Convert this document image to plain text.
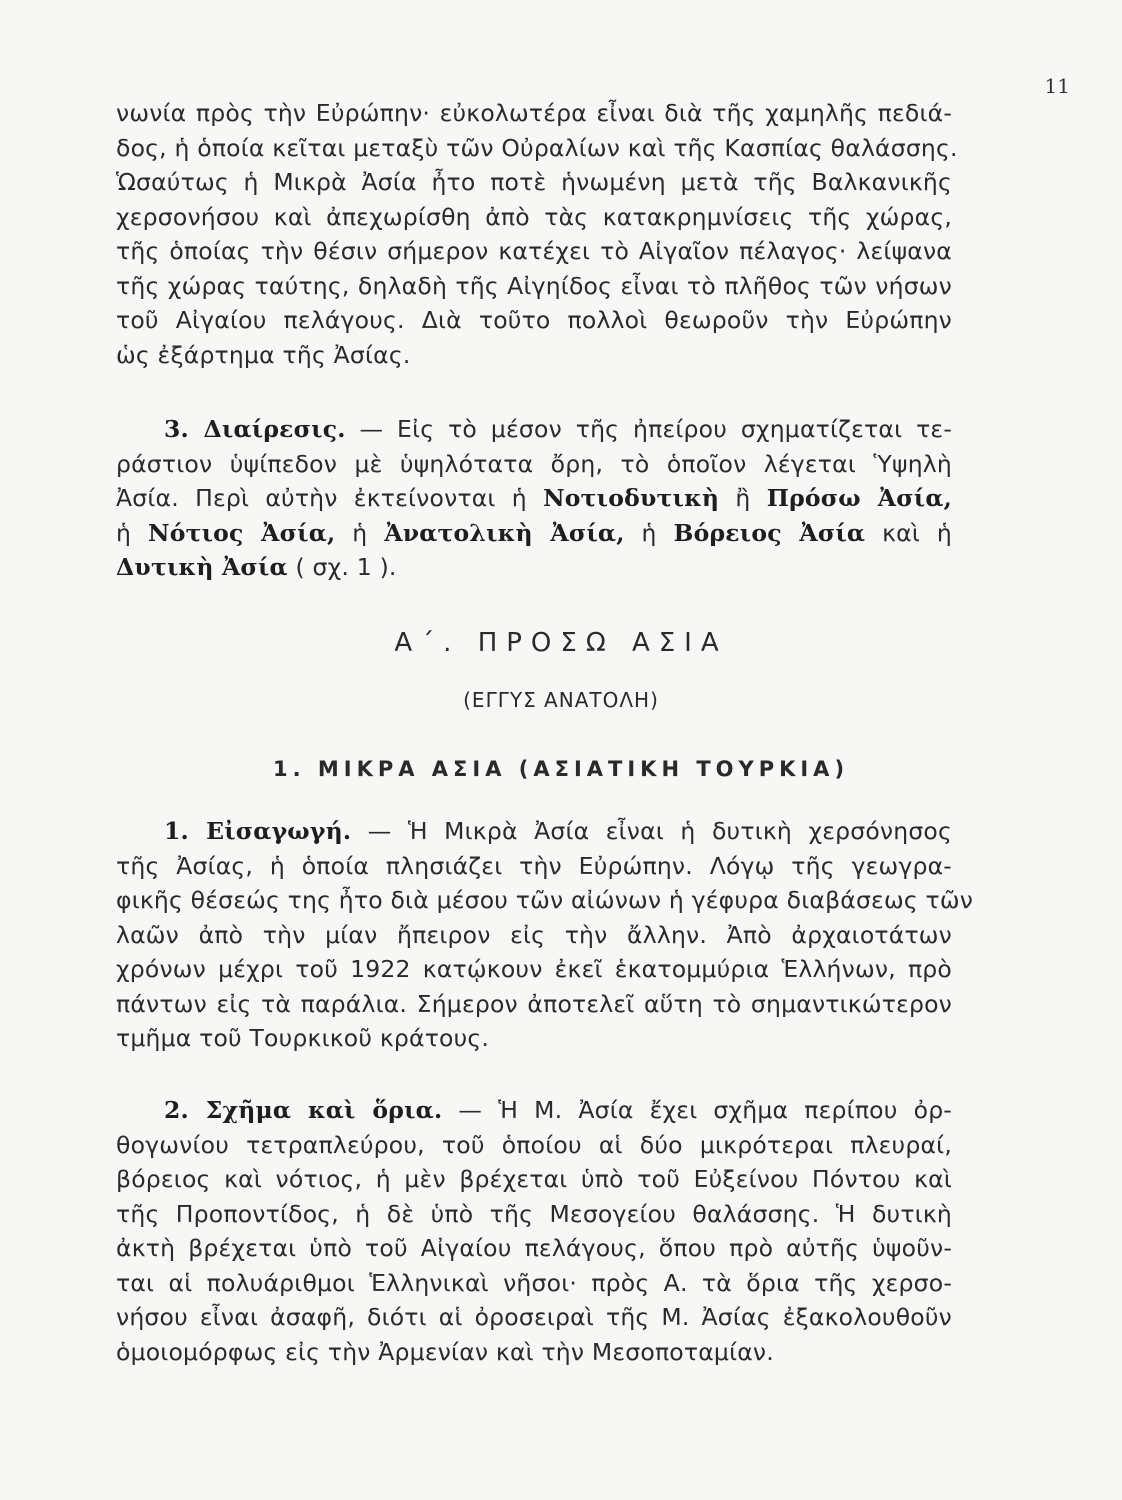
11
νωνία πρὸς τὴν Εὐρώπην· εὐκολωτέρα εἶναι διὰ τῆς χαμηλῆς πεδιά-
δος, ἡ ὁποία κεῖται μεταξὺ τῶν Οὐραλίων καὶ τῆς Κασπίας θαλάσσης.
Ὡσαύτως ἡ Μικρὰ Ἀσία ἦτο ποτὲ ἡνωμένη μετὰ τῆς Βαλκανικῆς
χερσονήσου καὶ ἀπεχωρίσθη ἀπὸ τὰς κατακρημνίσεις τῆς χώρας,
τῆς ὁποίας τὴν θέσιν σήμερον κατέχει τὸ Αἰγαῖον πέλαγος· λείψανα
τῆς χώρας ταύτης, δηλαδὴ τῆς Αἰγηίδος εἶναι τὸ πλῆθος τῶν νήσων
τοῦ Αἰγαίου πελάγους. Διὰ τοῦτο πολλοὶ θεωροῦν τὴν Εὐρώπην
ὡς ἐξάρτημα τῆς Ἀσίας.
3. Διαίρεσις. — Εἰς τὸ μέσον τῆς ἠπείρου σχηματίζεται τε-
ράστιον ὑψίπεδον μὲ ὑψηλότατα ὄρη, τὸ ὁποῖον λέγεται Ὑψηλὴ
Ἀσία. Περὶ αὐτὴν ἐκτείνονται ἡ Νοτιοδυτικὴ ἢ Πρόσω Ἀσία,
ἡ Νότιος Ἀσία, ἡ Ἀνατολικὴ Ἀσία, ἡ Βόρειος Ἀσία καὶ ἡ
Δυτικὴ Ἀσία ( σχ. 1 ).
Α΄. ΠΡΟΣΩ ΑΣΙΑ
(ΕΓΓΥΣ ΑΝΑΤΟΛΗ)
1. ΜΙΚΡΑ ΑΣΙΑ (ΑΣΙΑΤΙΚΗ ΤΟΥΡΚΙΑ)
1. Εἰσαγωγή. — Ἡ Μικρὰ Ἀσία εἶναι ἡ δυτικὴ χερσόνησος
τῆς Ἀσίας, ἡ ὁποία πλησιάζει τὴν Εὐρώπην. Λόγῳ τῆς γεωγρα-
φικῆς θέσεώς της ἦτο διὰ μέσου τῶν αἰώνων ἡ γέφυρα διαβάσεως τῶν
λαῶν ἀπὸ τὴν μίαν ἤπειρον εἰς τὴν ἄλλην. Ἀπὸ ἀρχαιοτάτων
χρόνων μέχρι τοῦ 1922 κατῴκουν ἐκεῖ ἑκατομμύρια Ἑλλήνων, πρὸ
πάντων εἰς τὰ παράλια. Σήμερον ἀποτελεῖ αὕτη τὸ σημαντικώτερον
τμῆμα τοῦ Τουρκικοῦ κράτους.
2. Σχῆμα καὶ ὅρια. — Ἡ Μ. Ἀσία ἔχει σχῆμα περίπου ὀρ-
θογωνίου τετραπλεύρου, τοῦ ὁποίου αἱ δύο μικρότεραι πλευραί,
βόρειος καὶ νότιος, ἡ μὲν βρέχεται ὑπὸ τοῦ Εὐξείνου Πόντου καὶ
τῆς Προποντίδος, ἡ δὲ ὑπὸ τῆς Μεσογείου θαλάσσης. Ἡ δυτικὴ
ἀκτὴ βρέχεται ὑπὸ τοῦ Αἰγαίου πελάγους, ὅπου πρὸ αὐτῆς ὑψοῦν-
ται αἱ πολυάριθμοι Ἑλληνικαὶ νῆσοι· πρὸς Α. τὰ ὅρια τῆς χερσο-
νήσου εἶναι ἀσαφῆ, διότι αἱ ὀροσειραὶ τῆς Μ. Ἀσίας ἐξακολουθοῦν
ὁμοιομόρφως εἰς τὴν Ἀρμενίαν καὶ τὴν Μεσοποταμίαν.
